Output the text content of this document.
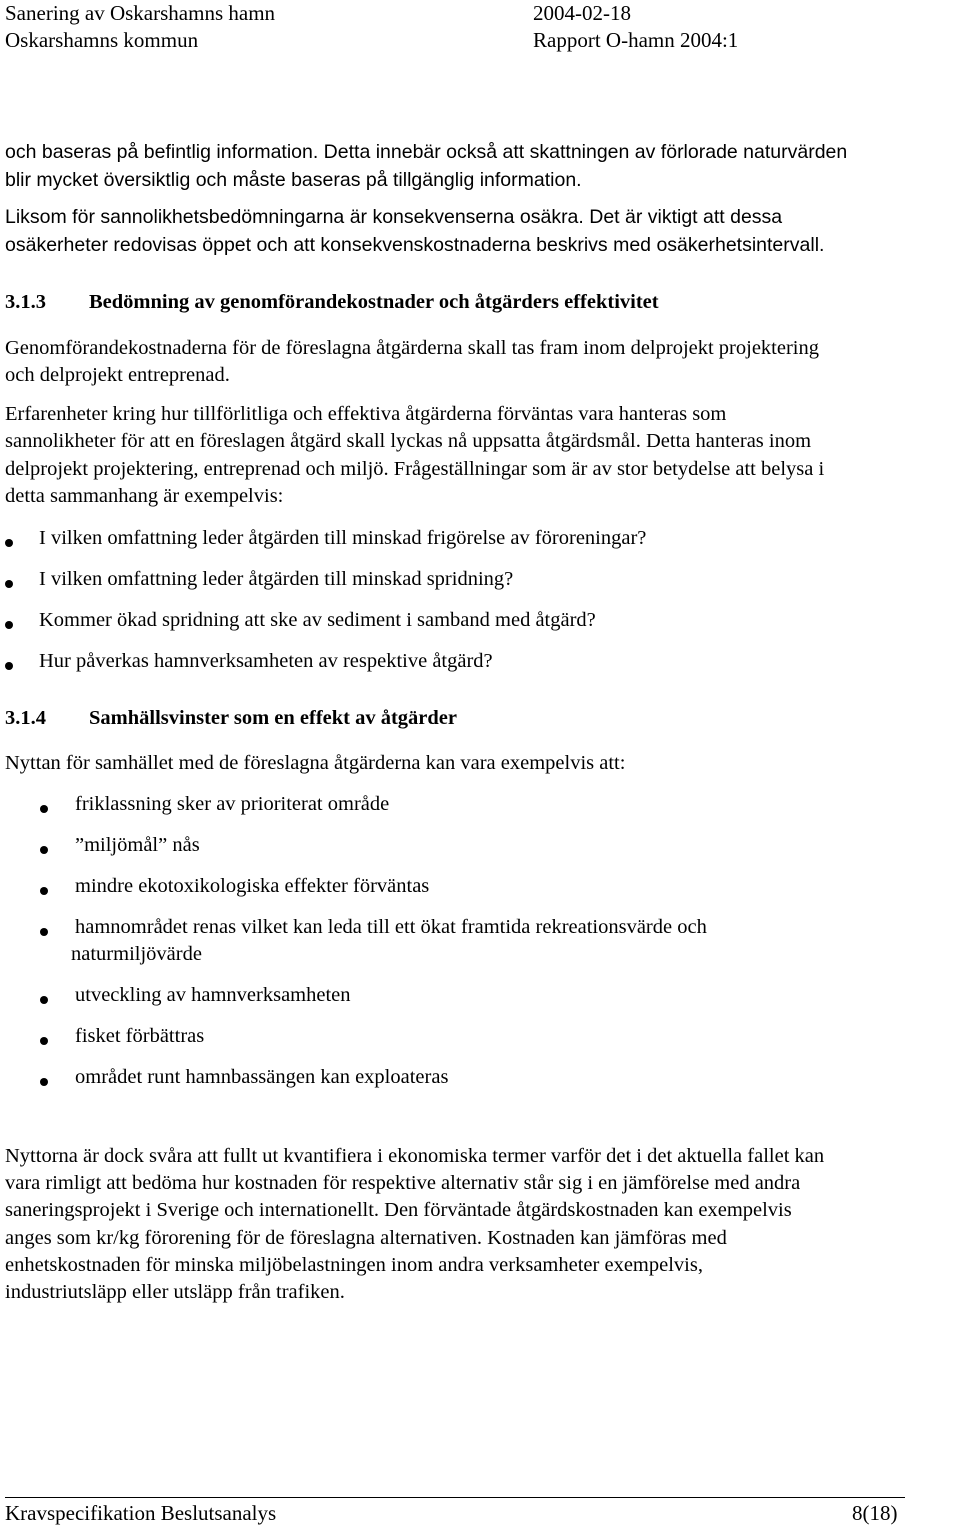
Sanering av Oskarshamns hamn
Oskarshamns kommun
2004-02-18
Rapport O-hamn 2004:1
och baseras på befintlig information. Detta innebär också att skattningen av förlorade naturvärden
blir mycket översiktlig och måste baseras på tillgänglig information.
Liksom för sannolikhetsbedömningarna är konsekvenserna osäkra. Det är viktigt att dessa
osäkerheter redovisas öppet och att konsekvenskostnaderna beskrivs med osäkerhetsintervall.
3.1.3 Bedömning av genomförandekostnader och åtgärders effektivitet
Genomförandekostnaderna för de föreslagna åtgärderna skall tas fram inom delprojekt projektering
och delprojekt entreprenad.
Erfarenheter kring hur tillförlitliga och effektiva åtgärderna förväntas vara hanteras som
sannolikheter för att en föreslagen åtgärd skall lyckas nå uppsatta åtgärdsmål. Detta hanteras inom
delprojekt projektering, entreprenad och miljö. Frågeställningar som är av stor betydelse att belysa i
detta sammanhang är exempelvis:
I vilken omfattning leder åtgärden till minskad frigörelse av föroreningar?
I vilken omfattning leder åtgärden till minskad spridning?
Kommer ökad spridning att ske av sediment i samband med åtgärd?
Hur påverkas hamnverksamheten av respektive åtgärd?
3.1.4 Samhällsvinster som en effekt av åtgärder
Nyttan för samhället med de föreslagna åtgärderna kan vara exempelvis att:
friklassning sker av prioriterat område
”miljömål” nås
mindre ekotoxikologiska effekter förväntas
hamnområdet renas vilket kan leda till ett ökat framtida rekreationsvärde och
naturmiljövärde
utveckling av hamnverksamheten
fisket förbättras
området runt hamnbassängen kan exploateras
Nyttorna är dock svåra att fullt ut kvantifiera i ekonomiska termer varför det i det aktuella fallet kan
vara rimligt att bedöma hur kostnaden för respektive alternativ står sig i en jämförelse med andra
saneringsprojekt i Sverige och internationellt. Den förväntade åtgärdskostnaden kan exempelvis
anges som kr/kg förorening för de föreslagna alternativen. Kostnaden kan jämföras med
enhetskostnaden för minska miljöbelastningen inom andra verksamheter exempelvis,
industriutsläpp eller utsläpp från trafiken.
Kravspecifikation Beslutsanalys	8(18)
